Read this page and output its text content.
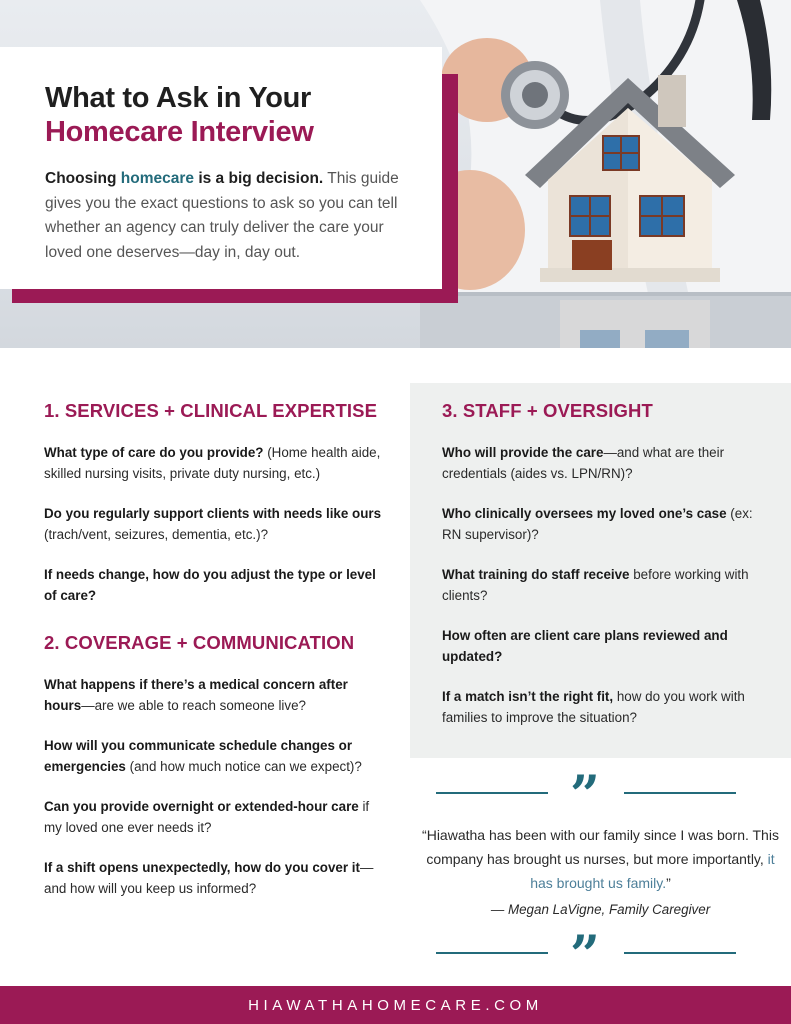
What to Ask in Your
Homecare Interview

Choosing homecare is a big decision. This guide gives you the exact questions to ask so you can tell whether an agency can truly deliver the care your loved one deserves—day in, day out.

1. SERVICES + CLINICAL EXPERTISE

What type of care do you provide? (Home health aide, skilled nursing visits, private duty nursing, etc.)

Do you regularly support clients with needs like ours (trach/vent, seizures, dementia, etc.)?

If needs change, how do you adjust the type or level of care?

2. COVERAGE + COMMUNICATION

What happens if there’s a medical concern after hours—are we able to reach someone live?

How will you communicate schedule changes or emergencies (and how much notice can we expect)?

Can you provide overnight or extended-hour care if my loved one ever needs it?

If a shift opens unexpectedly, how do you cover it—and how will you keep us informed?

3. STAFF + OVERSIGHT

Who will provide the care—and what are their credentials (aides vs. LPN/RN)?

Who clinically oversees my loved one’s case (ex: RN supervisor)?

What training do staff receive before working with clients?

How often are client care plans reviewed and updated?

If a match isn’t the right fit, how do you work with families to improve the situation?

”

“Hiawatha has been with our family since I was born. This company has brought us nurses, but more importantly, it has brought us family.”

— Megan LaVigne, Family Caregiver
”
HIAWATHAHOMECARE.COM
